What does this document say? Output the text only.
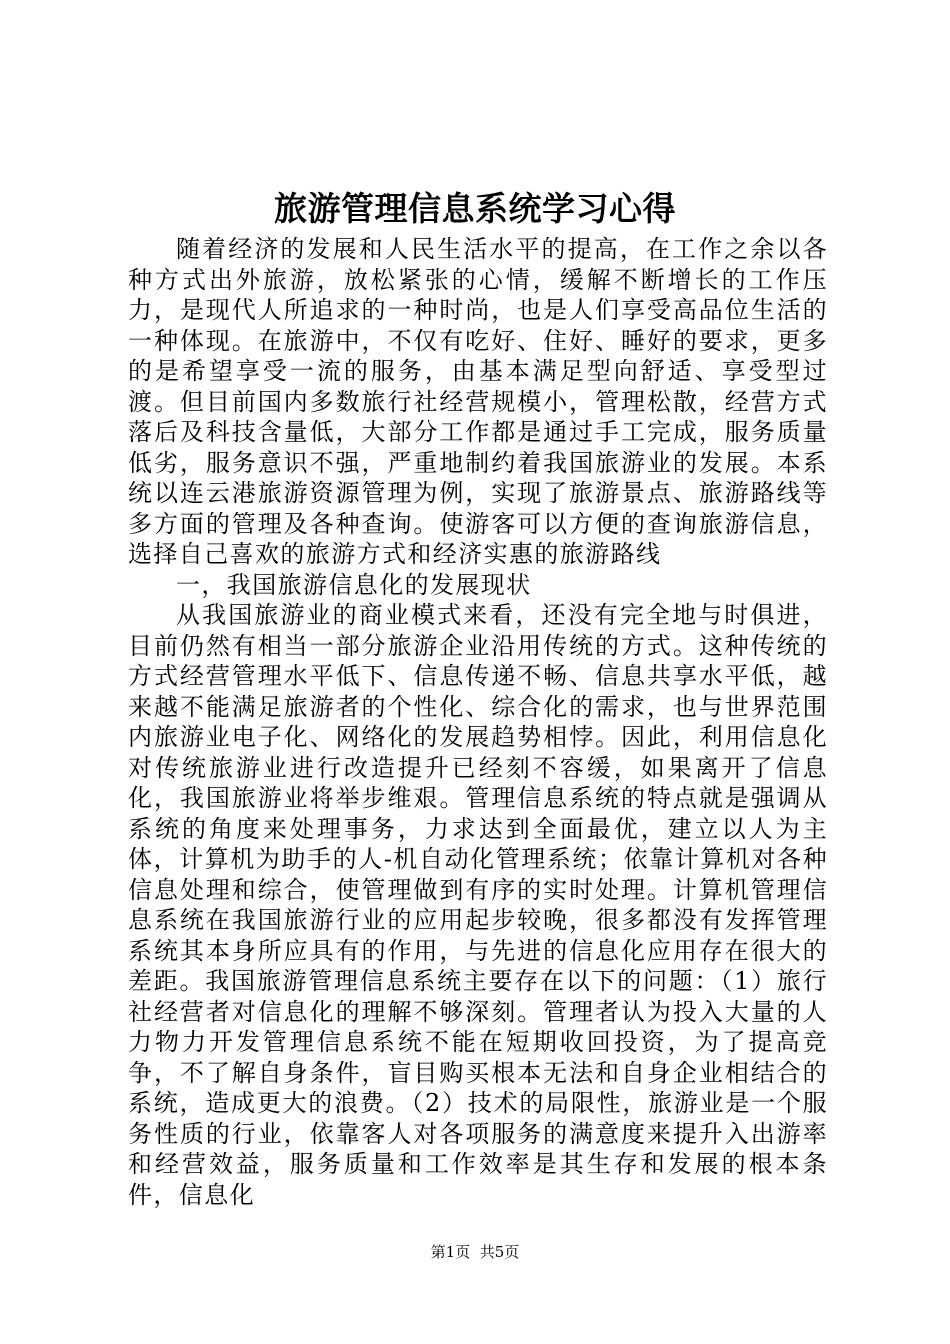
旅游管理信息系统学习心得

随着经济的发展和人民生活水平的提高，在工作之余以各种方式出外旅游，放松紧张的心情，缓解不断增长的工作压力，是现代人所追求的一种时尚，也是人们享受高品位生活的一种体现。在旅游中，不仅有吃好、住好、睡好的要求，更多的是希望享受一流的服务，由基本满足型向舒适、享受型过渡。但目前国内多数旅行社经营规模小，管理松散，经营方式落后及科技含量低，大部分工作都是通过手工完成，服务质量低劣，服务意识不强，严重地制约着我国旅游业的发展。本系统以连云港旅游资源管理为例，实现了旅游景点、旅游路线等多方面的管理及各种查询。使游客可以方便的查询旅游信息，选择自己喜欢的旅游方式和经济实惠的旅游路线

一，我国旅游信息化的发展现状

从我国旅游业的商业模式来看，还没有完全地与时俱进，目前仍然有相当一部分旅游企业沿用传统的方式。这种传统的方式经营管理水平低下、信息传递不畅、信息共享水平低，越来越不能满足旅游者的个性化、综合化的需求，也与世界范围内旅游业电子化、网络化的发展趋势相悖。因此，利用信息化对传统旅游业进行改造提升已经刻不容缓，如果离开了信息化，我国旅游业将举步维艰。管理信息系统的特点就是强调从系统的角度来处理事务，力求达到全面最优，建立以人为主体，计算机为助手的人-机自动化管理系统；依靠计算机对各种信息处理和综合，使管理做到有序的实时处理。计算机管理信息系统在我国旅游行业的应用起步较晚，很多都没有发挥管理系统其本身所应具有的作用，与先进的信息化应用存在很大的差距。我国旅游管理信息系统主要存在以下的问题：（1）旅行社经营者对信息化的理解不够深刻。管理者认为投入大量的人力物力开发管理信息系统不能在短期收回投资，为了提高竞争，不了解自身条件，盲目购买根本无法和自身企业相结合的系统，造成更大的浪费。（2）技术的局限性，旅游业是一个服务性质的行业，依靠客人对各项服务的满意度来提升入出游率和经营效益，服务质量和工作效率是其生存和发展的根本条件，信息化

第1页 共5页
